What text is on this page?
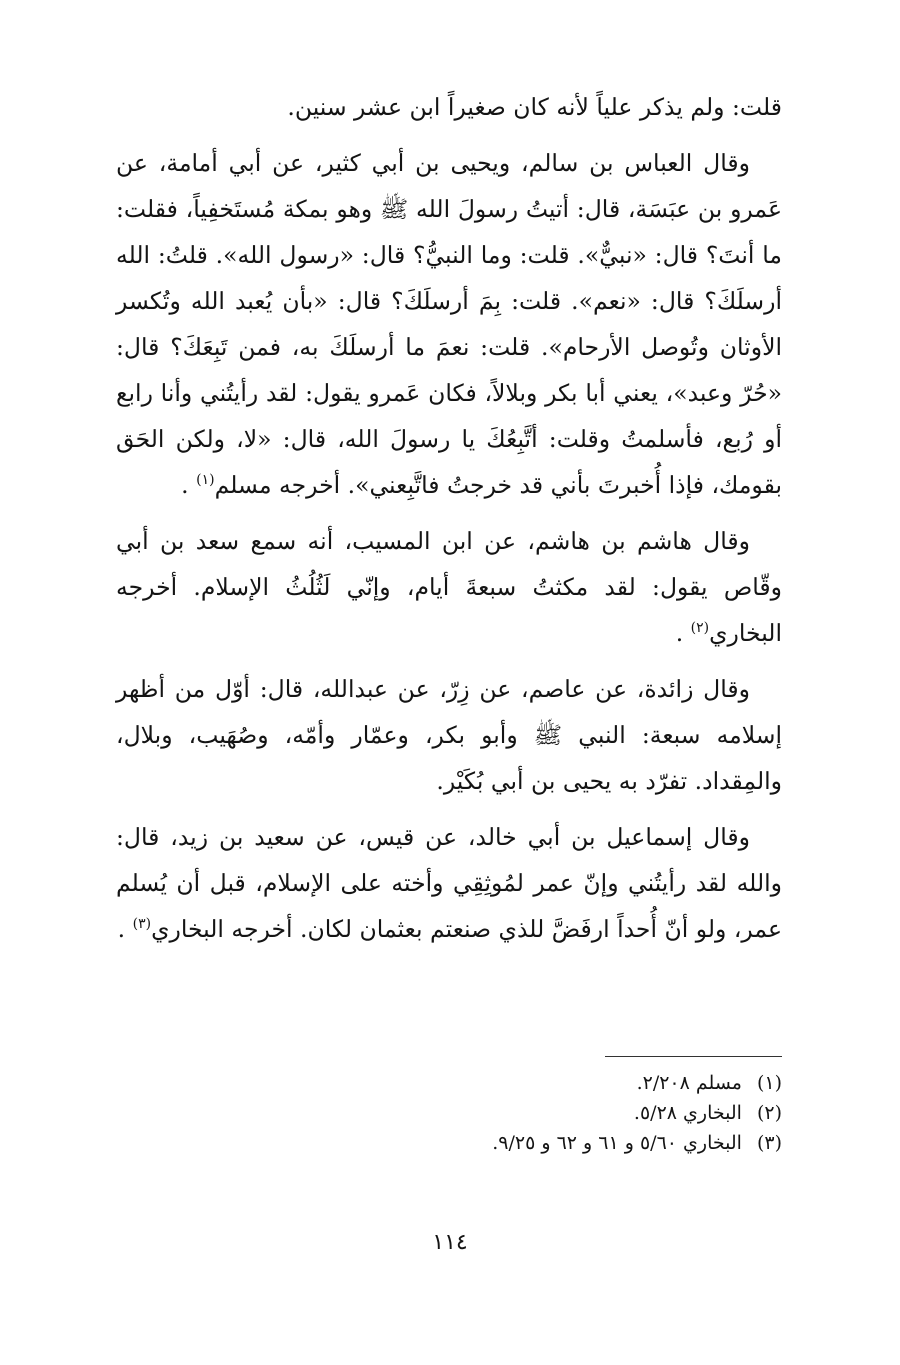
قلت: ولم يذكر علياً لأنه كان صغيراً ابن عشر سنين.

وقال العباس بن سالم، ويحيى بن أبي كثير، عن أبي أمامة، عن عَمرو بن عبَسَة، قال: أتيتُ رسولَ الله ﷺ وهو بمكة مُستَخفِياً، فقلت: ما أنتَ؟ قال: «نبيٌّ». قلت: وما النبيُّ؟ قال: «رسول الله». قلتُ: الله أرسلَكَ؟ قال: «نعم». قلت: بِمَ أرسلَكَ؟ قال: «بأن يُعبد الله وتُكسر الأوثان وتُوصل الأرحام». قلت: نعمَ ما أرسلَكَ به، فمن تَبِعَكَ؟ قال: «حُرّ وعبد»، يعني أبا بكر وبلالاً، فكان عَمرو يقول: لقد رأيتُني وأنا رابع أو رُبع، فأسلمتُ وقلت: أتَّبِعُكَ يا رسولَ الله، قال: «لا، ولكن الحَق بقومك، فإذا أُخبرتَ بأني قد خرجتُ فاتَّبِعني». أخرجه مسلم$^{(١)}$ .

وقال هاشم بن هاشم، عن ابن المسيب، أنه سمع سعد بن أبي وقّاص يقول: لقد مكثتُ سبعةَ أيام، وإنّي لَثُلُثُ الإسلام. أخرجه البخاري$^{(٢)}$ .

وقال زائدة، عن عاصم، عن زِرّ، عن عبدالله، قال: أوّل من أظهر إسلامه سبعة: النبي ﷺ وأبو بكر، وعمّار وأمّه، وصُهَيب، وبلال، والمِقداد. تفرّد به يحيى بن أبي بُكَيْر.

وقال إسماعيل بن أبي خالد، عن قيس، عن سعيد بن زيد، قال: والله لقد رأيتُني وإنّ عمر لمُوثِقِي وأخته على الإسلام، قبل أن يُسلم عمر، ولو أنّ أُحداً ارفَضَّ للذي صنعتم بعثمان لكان. أخرجه البخاري$^{(٣)}$ .

(١) مسلم ٢/٢٠٨.

(٢) البخاري ٥/٢٨.

(٣) البخاري ٥/٦٠ و ٦١ و ٦٢ و ٩/٢٥.

١١٤
